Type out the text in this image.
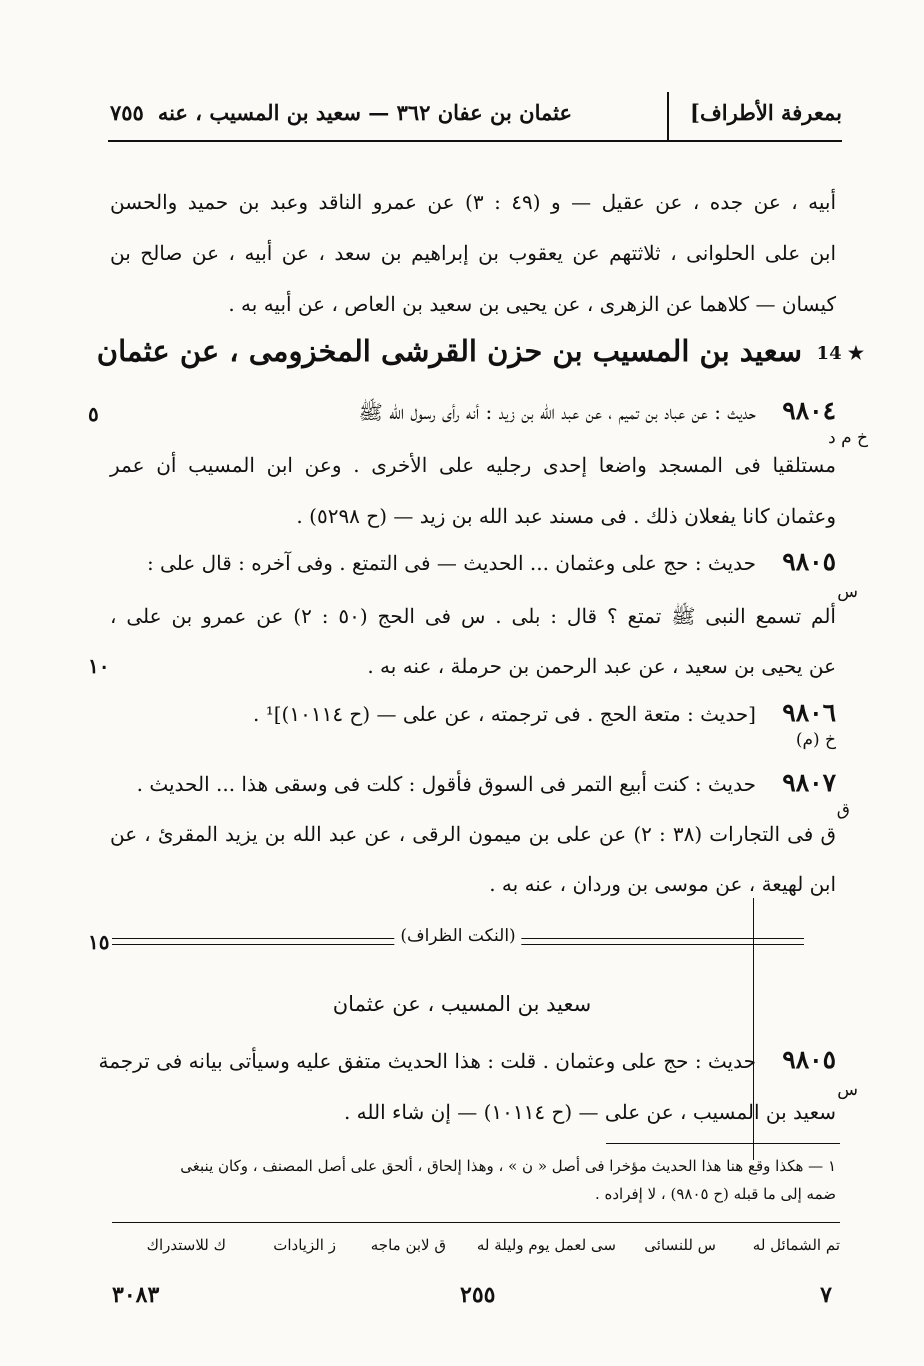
بمعرفة الأطراف]
عثمان بن عفان ٣٦٢ — سعيد بن المسيب ، عنه
٧٥٥
أبيه ، عن جده ، عن عقيل — و (٤٩ : ٣) عن عمرو الناقد وعبد بن حميد والحسن
ابن على الحلوانى ، ثلاثتهم عن يعقوب بن إبراهيم بن سعد ، عن أبيه ، عن صالح بن
كيسان — كلاهما عن الزهرى ، عن يحيى بن سعيد بن العاص ، عن أبيه به .
14 ★
سعيد بن المسيب بن حزن القرشى المخزومى ، عن عثمان
٥
خ م د
٩٨٠٤
حديث : عن عباد بن تميم ، عن عبد الله بن زيد : أنه رأى رسول الله ﷺ
مستلقيا فى المسجد واضعا إحدى رجليه على الأخرى . وعن ابن المسيب أن عمر
وعثمان كانا يفعلان ذلك . فى مسند عبد الله بن زيد — (ح ٥٢٩٨) .
س
٩٨٠٥
حديث : حج على وعثمان ... الحديث — فى التمتع . وفى آخره : قال على :
ألم تسمع النبى ﷺ تمتع ؟ قال : بلى . س فى الحج (٥٠ : ٢) عن عمرو بن على ،
عن يحيى بن سعيد ، عن عبد الرحمن بن حرملة ، عنه به .
١٠
٩٨٠٦
[حديث : متعة الحج . فى ترجمته ، عن على — (ح ١٠١١٤)]¹ .
خ (م)
٩٨٠٧
حديث : كنت أبيع التمر فى السوق فأقول : كلت فى وسقى هذا ... الحديث .
ق
ق فى التجارات (٣٨ : ٢) عن على بن ميمون الرقى ، عن عبد الله بن يزيد المقرئ ، عن
ابن لهيعة ، عن موسى بن وردان ، عنه به .
١٥	(النكت الظراف)
سعيد بن المسيب ، عن عثمان
٩٨٠٥
حديث : حج على وعثمان . قلت : هذا الحديث متفق عليه وسيأتى بيانه فى ترجمة
س
سعيد بن المسيب ، عن على — (ح ١٠١١٤) — إن شاء الله .
١ — هكذا وقع هنا هذا الحديث مؤخرا فى أصل « ن » ، وهذا إلحاق ، ألحق على أصل المصنف ، وكان ينبغى
ضمه إلى ما قبله (ح ٩٨٠٥) ، لا إفراده .
تم الشمائل له
س للنسائى
سى لعمل يوم وليلة له
ق لابن ماجه
ز الزيادات
ك للاستدراك
٧
٢٥٥
٣٠٨٣
